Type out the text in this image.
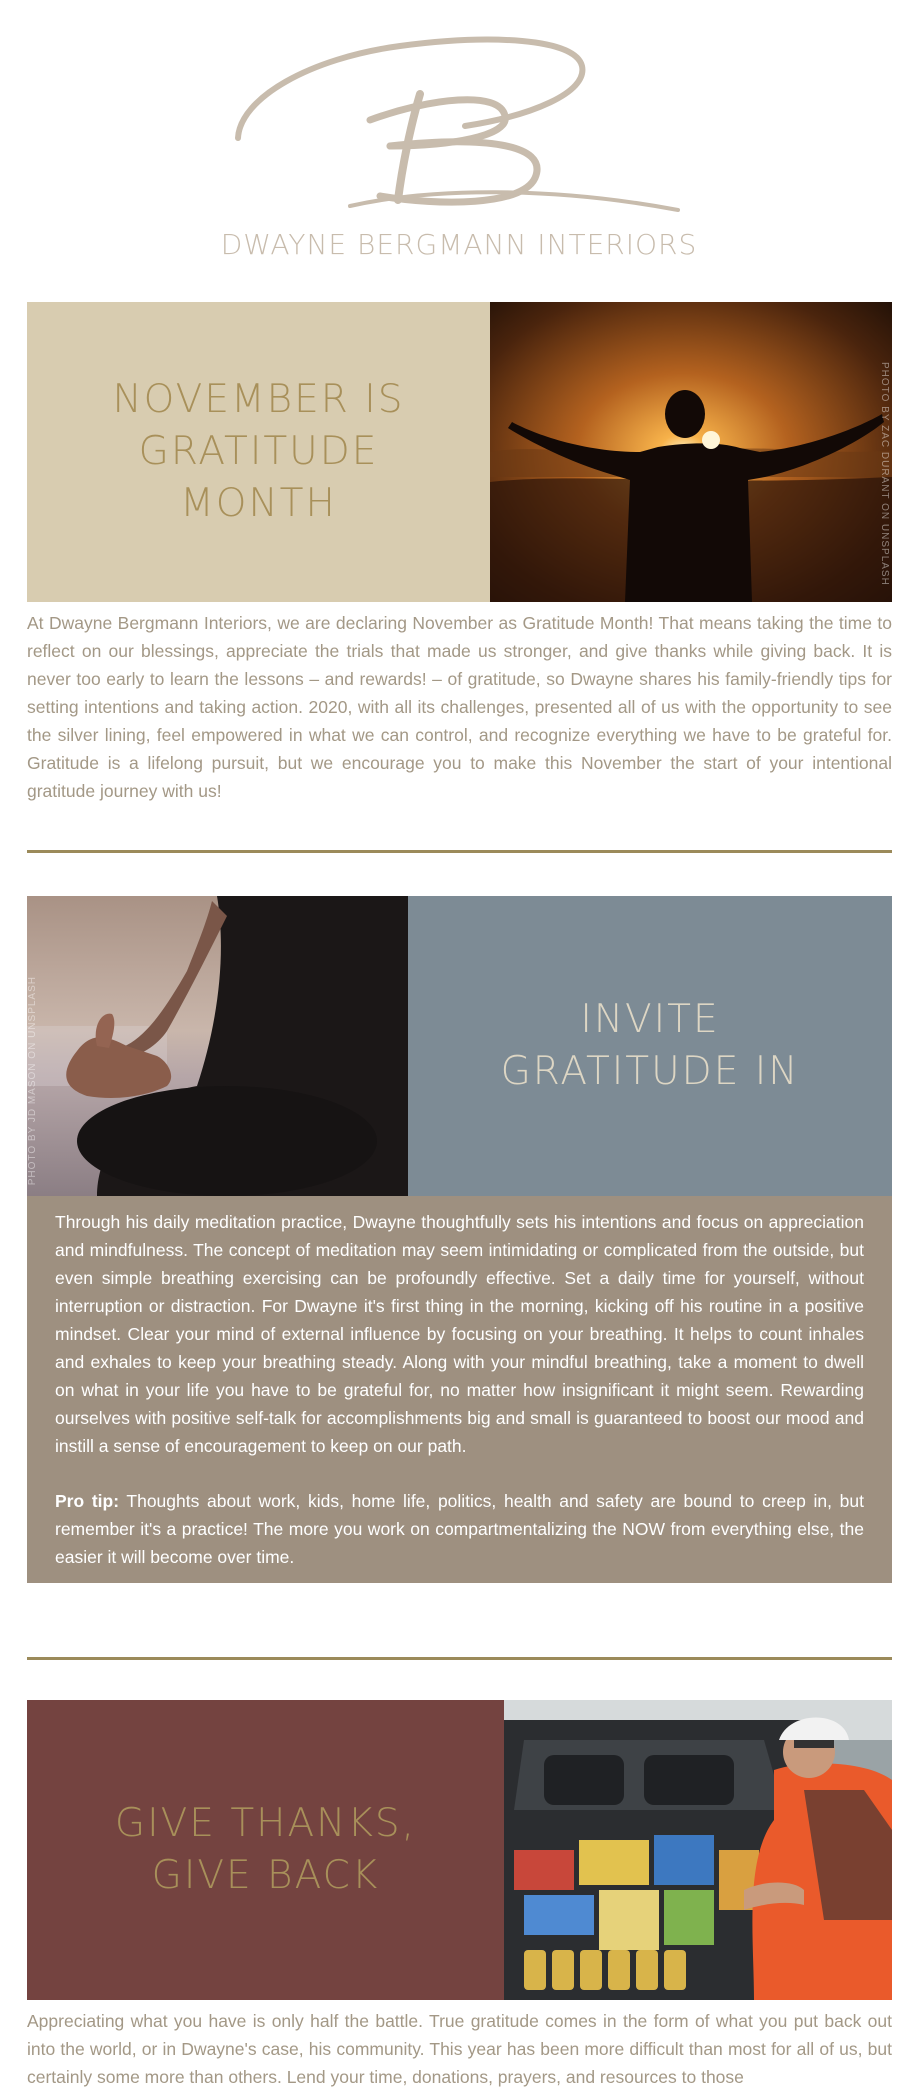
DWAYNE BERGMANN INTERIORS
NOVEMBER IS
GRATITUDE
MONTH	PHOTO BY ZAC DURANT ON UNSPLASH
At Dwayne Bergmann Interiors, we are declaring November as Gratitude Month! That means taking the time to reflect on our blessings, appreciate the trials that made us stronger, and give thanks while giving back. It is never too early to learn the lessons – and rewards! – of gratitude, so Dwayne shares his family-friendly tips for setting intentions and taking action. 2020, with all its challenges, presented all of us with the opportunity to see the silver lining, feel empowered in what we can control, and recognize everything we have to be grateful for. Gratitude is a lifelong pursuit, but we encourage you to make this November the start of your intentional gratitude journey with us!
PHOTO BY JD MASON ON UNSPLASH	INVITE
GRATITUDE IN

Through his daily meditation practice, Dwayne thoughtfully sets his intentions and focus on appreciation and mindfulness. The concept of meditation may seem intimidating or complicated from the outside, but even simple breathing exercising can be profoundly effective. Set a daily time for yourself, without interruption or distraction. For Dwayne it's first thing in the morning, kicking off his routine in a positive mindset. Clear your mind of external influence by focusing on your breathing. It helps to count inhales and exhales to keep your breathing steady. Along with your mindful breathing, take a moment to dwell on what in your life you have to be grateful for, no matter how insignificant it might seem. Rewarding ourselves with positive self-talk for accomplishments big and small is guaranteed to boost our mood and instill a sense of encouragement to keep on our path.

Pro tip: Thoughts about work, kids, home life, politics, health and safety are bound to creep in, but remember it's a practice! The more you work on compartmentalizing the NOW from everything else, the easier it will become over time.

GIVE THANKS,
GIVE BACK
Appreciating what you have is only half the battle. True gratitude comes in the form of what you put back out into the world, or in Dwayne's case, his community. This year has been more difficult than most for all of us, but certainly some more than others. Lend your time, donations, prayers, and resources to those
